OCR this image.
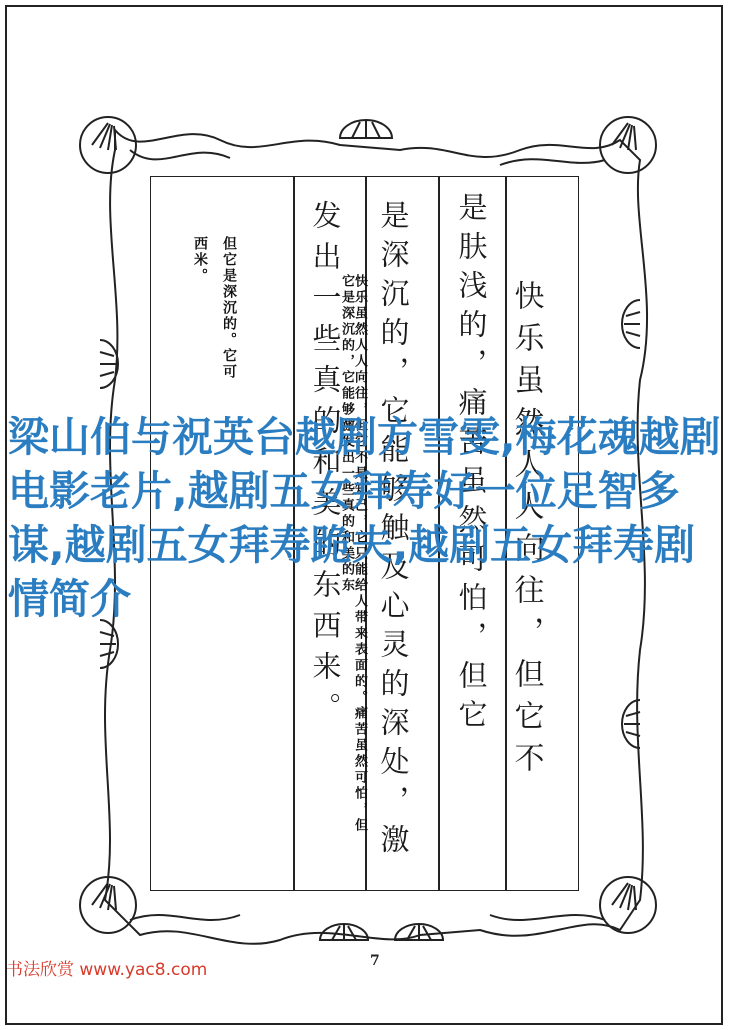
但它是深沉的。它可
西米。
快乐虽然人人向往，但它不是知己，它只能给人带来表面的。痛苦虽然可怕，但它是深沉的，它能够激发出一些真的和美的东	快乐虽然人人向往，但它不
是肤浅的，痛苦虽然可怕，但它
是深沉的，它能够触及心灵的深处，激
发出一些真的和美的东西来。
梁山伯与祝英台越剧方雪雯,梅花魂越剧电影老片,越剧五女拜寿好一位足智多谋,越剧五女拜寿跪夫,越剧五女拜寿剧情简介
7
书法欣赏 www.yac8.com
